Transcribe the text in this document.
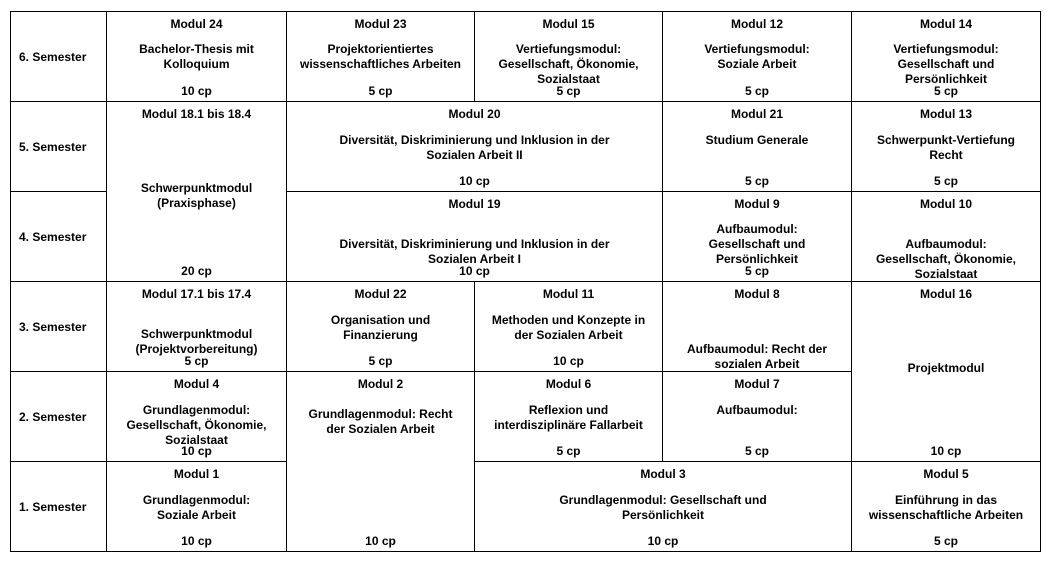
6. Semester
5. Semester
4. Semester
3. Semester
2. Semester
1. Semester
Modul 24
Bachelor-Thesis mit Kolloquium
10 cp
Modul 23
Projektorientiertes wissenschaftliches Arbeiten
5 cp
Modul 15
Vertiefungsmodul: Gesellschaft, Ökonomie, Sozialstaat
5 cp
Modul 12
Vertiefungsmodul: Soziale Arbeit
5 cp
Modul 14
Vertiefungsmodul: Gesellschaft und Persönlichkeit
5 cp
Modul 18.1 bis 18.4
Schwerpunktmodul (Praxisphase)
20 cp
Modul 20
Diversität, Diskriminierung und Inklusion in der Sozialen Arbeit II
10 cp
Modul 21
Studium Generale
5 cp
Modul 13
Schwerpunkt-Vertiefung Recht
5 cp
Modul 19
Diversität, Diskriminierung und Inklusion in der Sozialen Arbeit I
10 cp
Modul 9
Aufbaumodul: Gesellschaft und Persönlichkeit
5 cp
Modul 10
Aufbaumodul: Gesellschaft, Ökonomie, Sozialstaat
Modul 17.1 bis 17.4
Schwerpunktmodul (Projektvorbereitung)
5 cp
Modul 22
Organisation und Finanzierung
5 cp
Modul 11
Methoden und Konzepte in der Sozialen Arbeit
10 cp
Modul 8
Aufbaumodul: Recht der sozialen Arbeit
Modul 16
Projektmodul
10 cp
Modul 4
Grundlagenmodul: Gesellschaft, Ökonomie, Sozialstaat
10 cp
Modul 2
Grundlagenmodul: Recht der Sozialen Arbeit
10 cp
Modul 6
Reflexion und interdisziplinäre Fallarbeit
5 cp
Modul 7
Aufbaumodul:
5 cp
Modul 1
Grundlagenmodul: Soziale Arbeit
10 cp
Modul 3
Grundlagenmodul: Gesellschaft und Persönlichkeit
10 cp
Modul 5
Einführung in das wissenschaftliche Arbeiten
5 cp
